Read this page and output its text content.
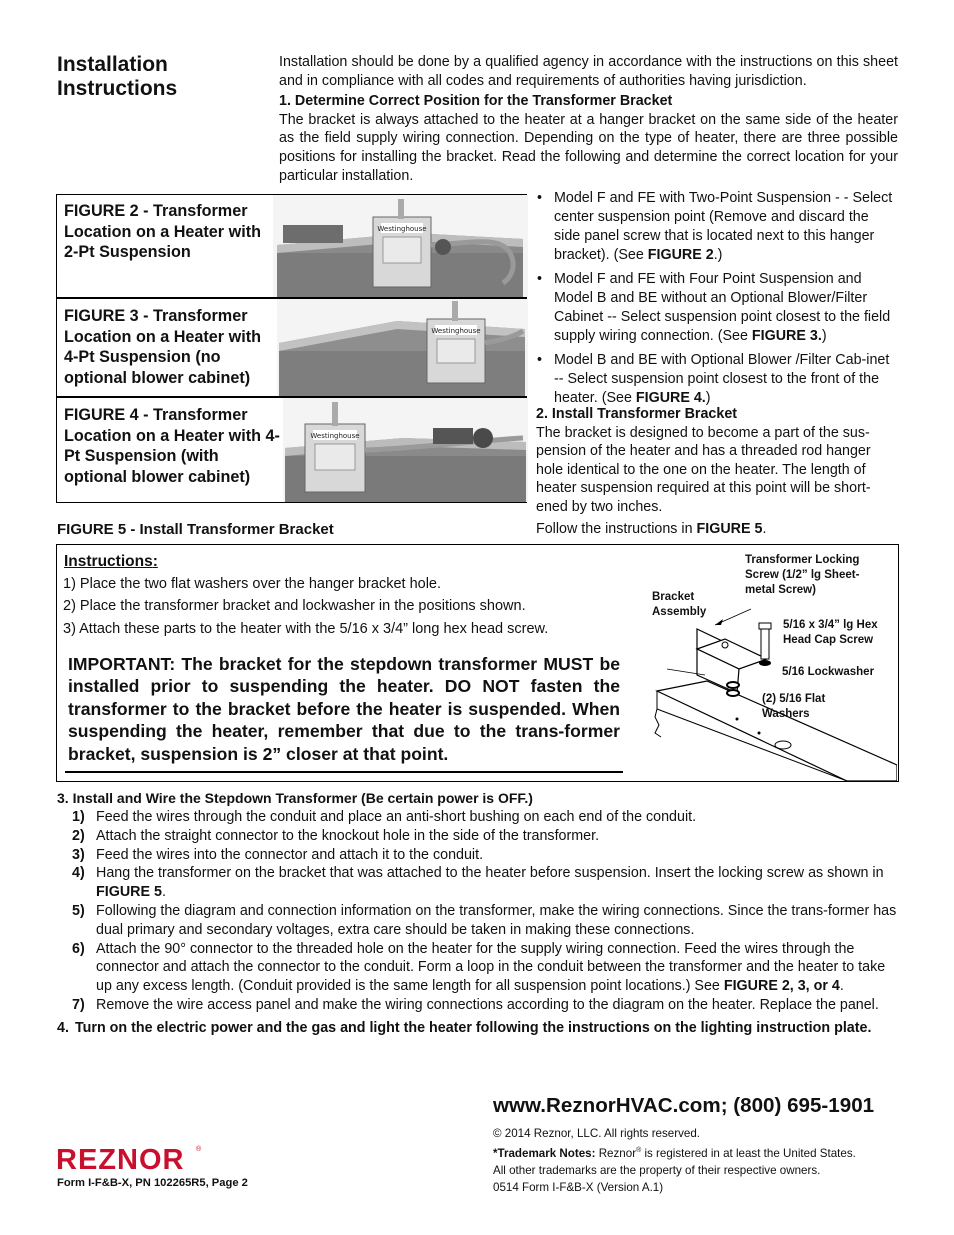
Installation Instructions

Installation should be done by a qualified agency in accordance with the instructions on this sheet and in compliance with all codes and requirements of authorities having jurisdiction.

1. Determine Correct Position for the Transformer Bracket

The bracket is always attached to the heater at a hanger bracket on the same side of the heater as the field supply wiring connection. Depending on the type of heater, there are three possible positions for installing the bracket. Read the following and determine the correct location for your particular installation.

FIGURE 2 - Transformer Location on a Heater with 2-Pt Suspension
Westinghouse
FIGURE 3 - Transformer Location on a Heater with 4-Pt Suspension (no optional blower cabinet)
Westinghouse
FIGURE 4 - Transformer Location on a Heater with 4-Pt Suspension (with optional blower cabinet)
Westinghouse
• Model F and FE with Two-Point Suspension - - Select center suspension point (Remove and discard the side panel screw that is located next to this hanger bracket). (See FIGURE 2.)
• Model F and FE with Four Point Suspension and Model B and BE without an Optional Blower/Filter Cabinet -- Select suspension point closest to the field supply wiring connection. (See FIGURE 3.)
• Model B and BE with Optional Blower /Filter Cab-inet -- Select suspension point closest to the front of the heater. (See FIGURE 4.)

2. Install Transformer Bracket

The bracket is designed to become a part of the sus-pension of the heater and has a threaded rod hanger hole identical to the one on the heater. The length of heater suspension required at this point will be short-ened by two inches.

Follow the instructions in FIGURE 5.

FIGURE 5 - Install Transformer Bracket
Instructions:
1) Place the two flat washers over the hanger bracket hole.
2) Place the transformer bracket and lockwasher in the positions shown.
3) Attach these parts to the heater with the 5/16 x 3/4” long hex head screw.
IMPORTANT: The bracket for the stepdown transformer MUST be installed prior to suspending the heater. DO NOT fasten the transformer to the bracket before the heater is suspended. When suspending the heater, remember that due to the trans-former bracket, suspension is 2” closer at that point.
Transformer Locking Screw (1/2” lg Sheet-metal Screw)
Bracket Assembly
5/16 x 3/4” lg Hex Head Cap Screw
5/16 Lockwasher
(2) 5/16 Flat Washers
3. Install and Wire the Stepdown Transformer (Be certain power is OFF.)
1) Feed the wires through the conduit and place an anti-short bushing on each end of the conduit.
2) Attach the straight connector to the knockout hole in the side of the transformer.
3) Feed the wires into the connector and attach it to the conduit.
4) Hang the transformer on the bracket that was attached to the heater before suspension. Insert the locking screw as shown in FIGURE 5.
5) Following the diagram and connection information on the transformer, make the wiring connections. Since the trans-former has dual primary and secondary voltages, extra care should be taken in making these connections.
6) Attach the 90° connector to the threaded hole on the heater for the supply wiring connection. Feed the wires through the connector and attach the connector to the conduit. Form a loop in the conduit between the transformer and the heater to take up any excess length. (Conduit provided is the same length for all suspension point locations.) See FIGURE 2, 3, or 4.
7) Remove the wire access panel and make the wiring connections according to the diagram on the heater. Replace the panel.
4. Turn on the electric power and the gas and light the heater following the instructions on the lighting instruction plate.
www.ReznorHVAC.com; (800) 695-1901
© 2014 Reznor, LLC. All rights reserved.
*Trademark Notes: Reznor® is registered in at least the United States.
All other trademarks are the property of their respective owners.
0514 Form I-F&B-X (Version A.1)
REZNOR ®
Form I-F&B-X, PN 102265R5, Page 2
